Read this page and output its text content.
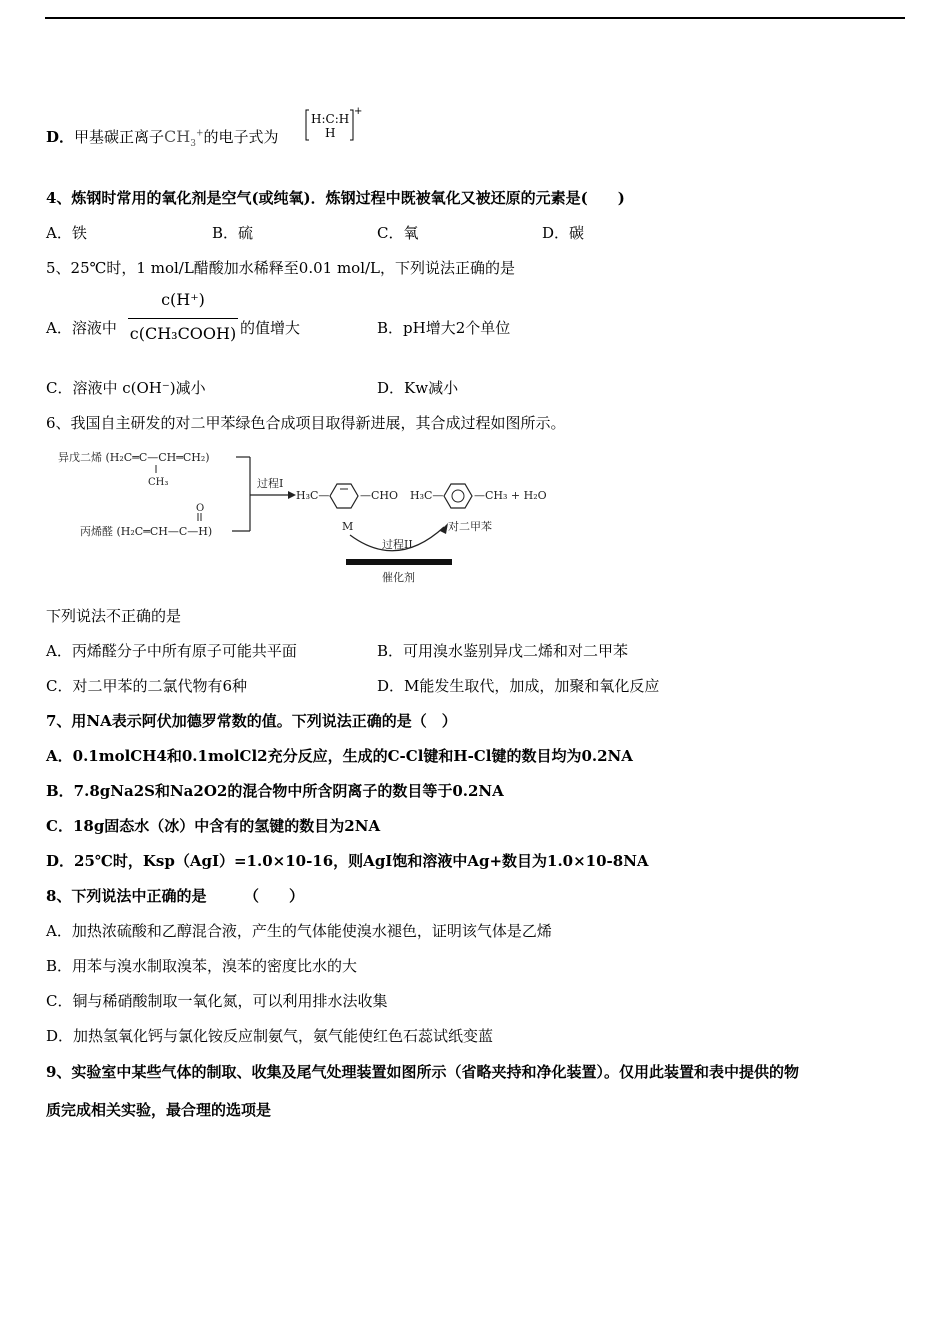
D．甲基碳正离子$CH_3^+$的电子式为
H:C:H
H
+
4、炼钢时常用的氧化剂是空气(或纯氧)．炼钢过程中既被氧化又被还原的元素是(　　)
A．铁	B．硫	C．氧	D．碳
5、25℃时，1 mol/L醋酸加水稀释至0.01 mol/L，下列说法正确的是
A．溶液中
c(H⁺)
c(CH₃COOH) 的值增大	B．pH增大2个单位
C．溶液中 c(OH⁻)减小	D．Kw减小
6、我国自主研发的对二甲苯绿色合成项目取得新进展，其合成过程如图所示。
异戊二烯 (H₂C═C—CH═CH₂)
CH₃
O
丙烯醛 (H₂C═CH—C—H)
过程I
H₃C—	—CHO H₃C—	—CH₃ + H₂O
M	对二甲苯
过程II
催化剂
下列说法不正确的是
A．丙烯醛分子中所有原子可能共平面	B．可用溴水鉴别异戊二烯和对二甲苯
C．对二甲苯的二氯代物有6种	D．M能发生取代，加成，加聚和氧化反应
7、用NA表示阿伏加德罗常数的值。下列说法正确的是（　）
A．0.1molCH4和0.1molCl2充分反应，生成的C-Cl键和H-Cl键的数目均为0.2NA
B．7.8gNa2S和Na2O2的混合物中所含阴离子的数目等于0.2NA
C．18g固态水（冰）中含有的氢键的数目为2NA
D．25℃时，Ksp（AgI）=1.0×10-16，则AgI饱和溶液中Ag+数目为1.0×10-8NA
8、下列说法中正确的是　　　（　　）
A．加热浓硫酸和乙醇混合液，产生的气体能使溴水褪色，证明该气体是乙烯
B．用苯与溴水制取溴苯，溴苯的密度比水的大
C．铜与稀硝酸制取一氧化氮，可以利用排水法收集
D．加热氢氧化钙与氯化铵反应制氨气，氨气能使红色石蕊试纸变蓝
9、实验室中某些气体的制取、收集及尾气处理装置如图所示（省略夹持和净化装置）。仅用此装置和表中提供的物
质完成相关实验，最合理的选项是
